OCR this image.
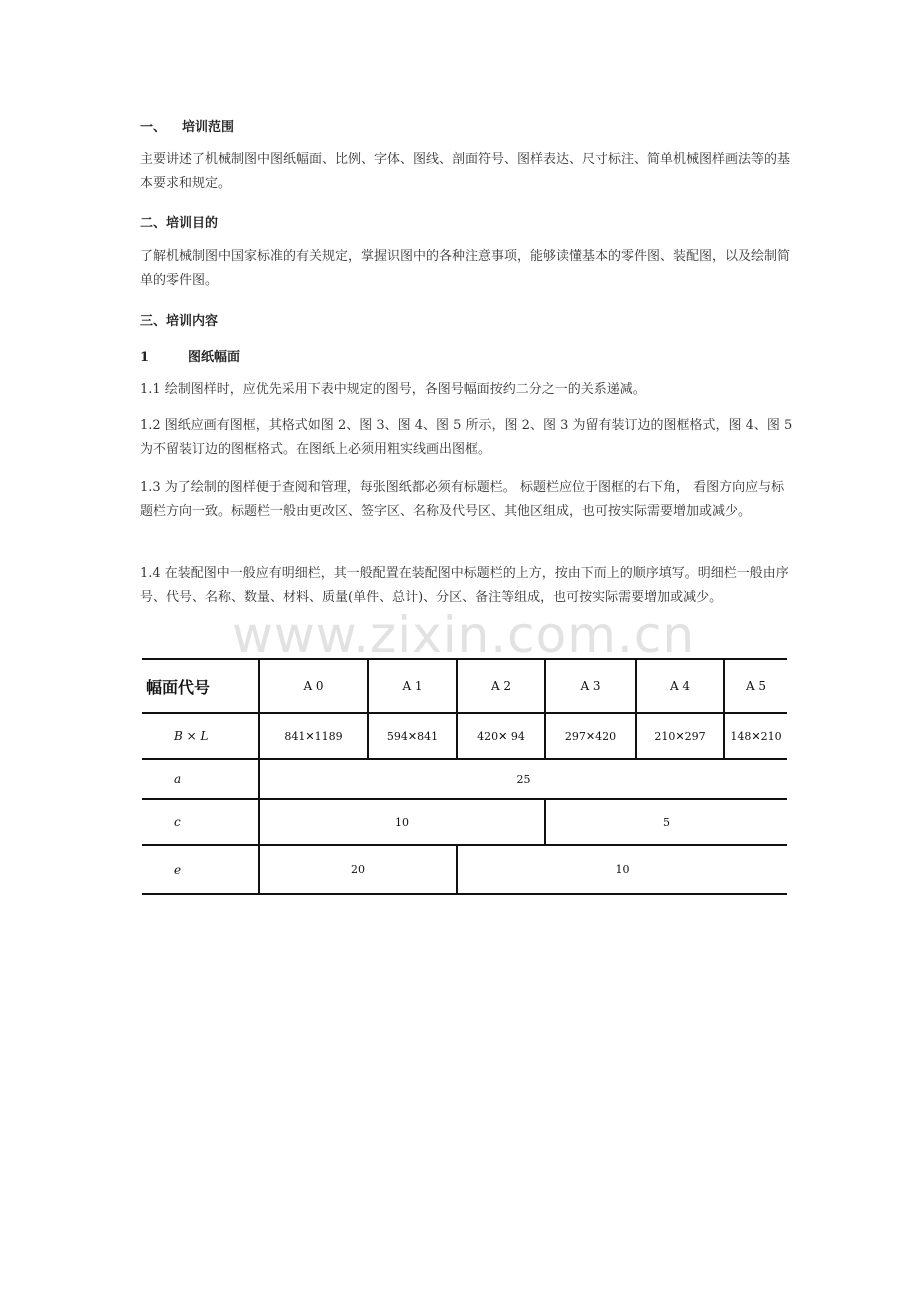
一、 培训范围

主要讲述了机械制图中图纸幅面、比例、字体、图线、剖面符号、图样表达、尺寸标注、简单机械图样画法等的基本要求和规定。

二、培训目的

了解机械制图中国家标准的有关规定，掌握识图中的各种注意事项，能够读懂基本的零件图、装配图，以及绘制简单的零件图。

三、培训内容
1	图纸幅面

1.1 绘制图样时，应优先采用下表中规定的图号，各图号幅面按约二分之一的关系递减。

1.2 图纸应画有图框，其格式如图 2、图 3、图 4、图 5 所示，图 2、图 3 为留有装订边的图框格式，图 4、图 5 为不留装订边的图框格式。在图纸上必须用粗实线画出图框。

1.3 为了绘制的图样便于查阅和管理，每张图纸都必须有标题栏。 标题栏应位于图框的右下角， 看图方向应与标题栏方向一致。标题栏一般由更改区、签字区、名称及代号区、其他区组成，也可按实际需要增加或减少。

1.4 在装配图中一般应有明细栏，其一般配置在装配图中标题栏的上方，按由下而上的顺序填写。明细栏一般由序号、代号、名称、数量、材料、质量(单件、总计)、分区、备注等组成，也可按实际需要增加或减少。

www.zixin.com.cn
幅面代号	A 0	A 1	A 2	A 3	A 4	A 5
B × L	841✕1189	594✕841	420✕ 94	297✕420	210✕297	148✕210
a	25					
c	10			5		
e	20		10			
